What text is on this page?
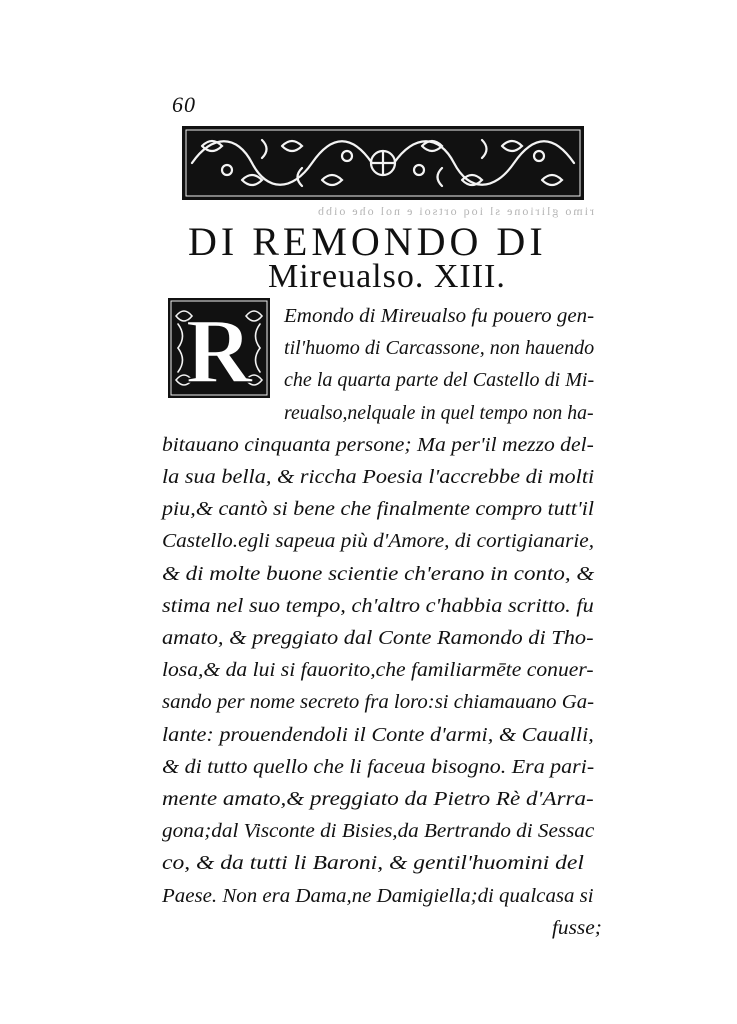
60
rimo glirione sl ioq ortsoi e nol ohe oibb
DI REMONDO DI
Mireualso. XIII.
R Emondo di Mireualso fu pouero gen-
til'huomo di Carcassone, non hauendo
che la quarta parte del Castello di Mi-
reualso,nelquale in quel tempo non ha-
bitauano cinquanta persone; Ma per'il mezzo del-
la sua bella, & riccha Poesia l'accrebbe di molti
piu,& cantò si bene che finalmente compro tutt'il
Castello.egli sapeua più d'Amore, di cortigianarie,
& di molte buone scientie ch'erano in conto, &
stima nel suo tempo, ch'altro c'habbia scritto. fu
amato, & preggiato dal Conte Ramondo di Tho-
losa,& da lui si fauorito,che familiarmēte conuer-
sando per nome secreto fra loro:si chiamauano Ga-
lante: prouendendoli il Conte d'armi, & Caualli,
& di tutto quello che li faceua bisogno. Era pari-
mente amato,& preggiato da Pietro Rè d'Arra-
gona;dal Visconte di Bisies,da Bertrando di Sessac
co, & da tutti li Baroni, & gentil'huomini del
Paese. Non era Dama,ne Damigiella;di qualcasa si
fusse;
